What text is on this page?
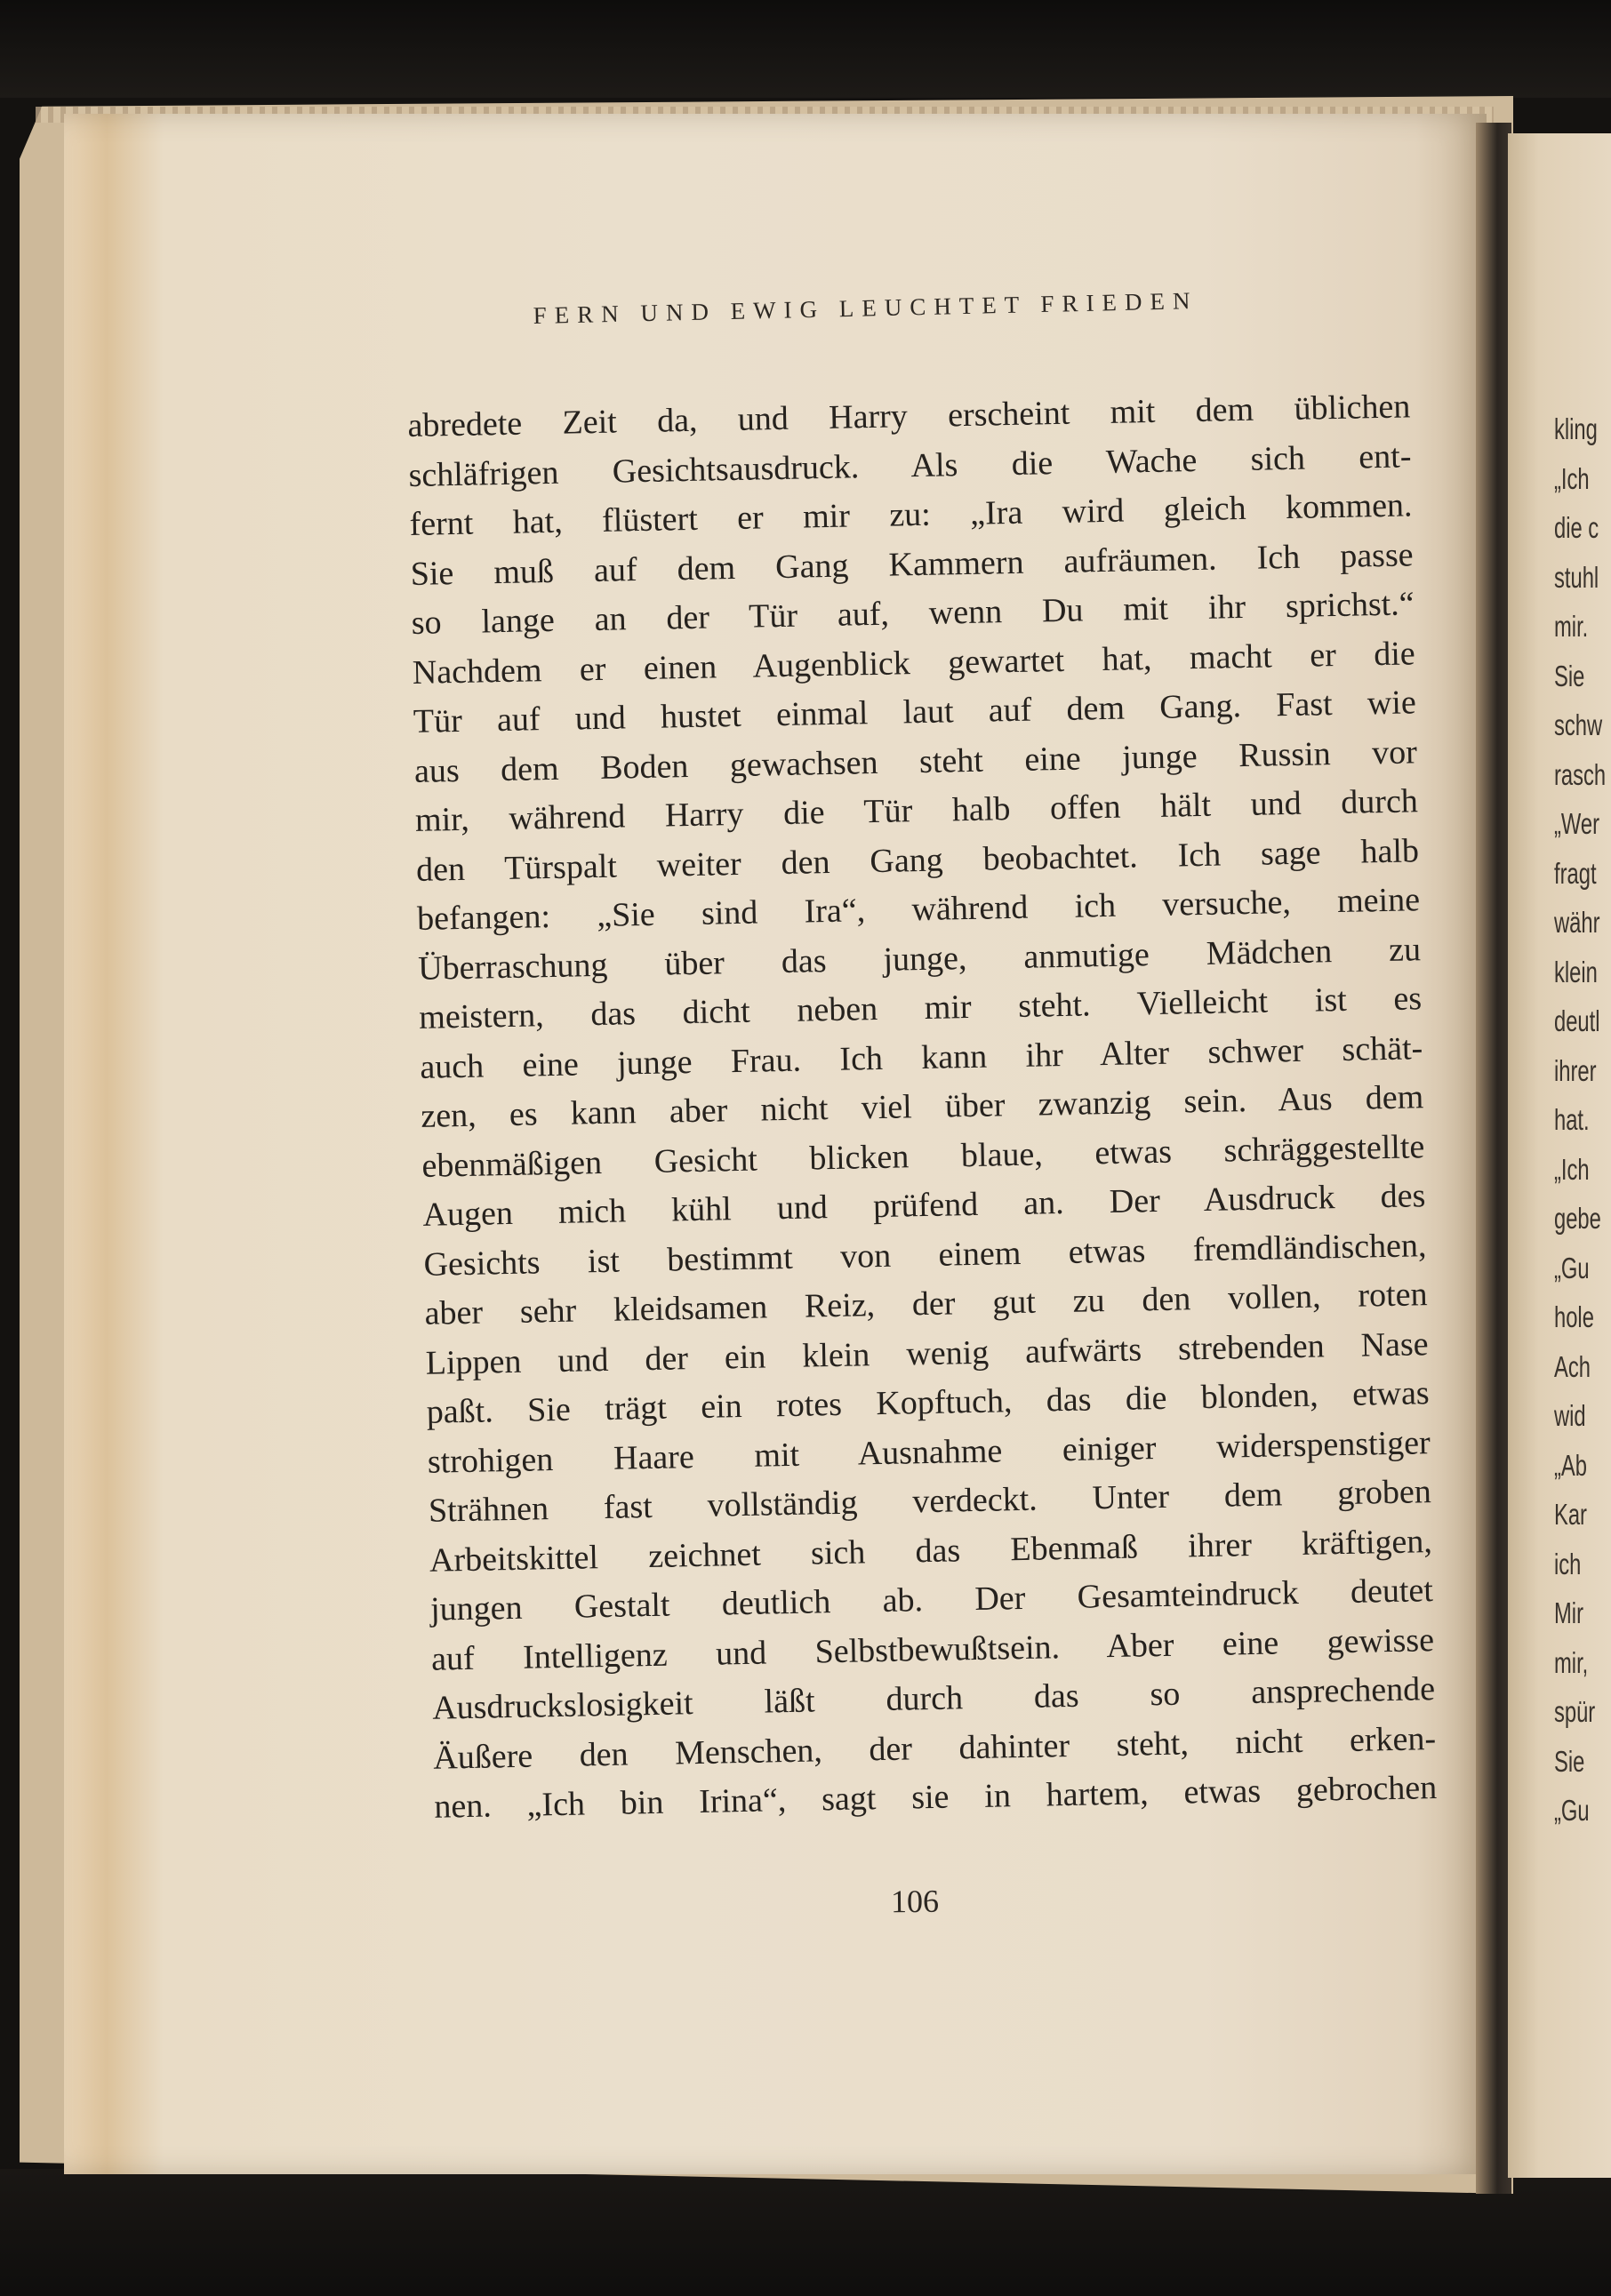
FERN UND EWIG LEUCHTET FRIEDEN
abredete Zeit da, und Harry erscheint mit dem üblichen
schläfrigen Gesichtsausdruck. Als die Wache sich ent-
fernt hat, flüstert er mir zu: „Ira wird gleich kommen.
Sie muß auf dem Gang Kammern aufräumen. Ich passe
so lange an der Tür auf, wenn Du mit ihr sprichst.“
Nachdem er einen Augenblick gewartet hat, macht er die
Tür auf und hustet einmal laut auf dem Gang. Fast wie
aus dem Boden gewachsen steht eine junge Russin vor
mir, während Harry die Tür halb offen hält und durch
den Türspalt weiter den Gang beobachtet. Ich sage halb
befangen: „Sie sind Ira“, während ich versuche, meine
Überraschung über das junge, anmutige Mädchen zu
meistern, das dicht neben mir steht. Vielleicht ist es
auch eine junge Frau. Ich kann ihr Alter schwer schät-
zen, es kann aber nicht viel über zwanzig sein. Aus dem
ebenmäßigen Gesicht blicken blaue, etwas schräggestellte
Augen mich kühl und prüfend an. Der Ausdruck des
Gesichts ist bestimmt von einem etwas fremdländischen,
aber sehr kleidsamen Reiz, der gut zu den vollen, roten
Lippen und der ein klein wenig aufwärts strebenden Nase
paßt. Sie trägt ein rotes Kopftuch, das die blonden, etwas
strohigen Haare mit Ausnahme einiger widerspenstiger
Strähnen fast vollständig verdeckt. Unter dem groben
Arbeitskittel zeichnet sich das Ebenmaß ihrer kräftigen,
jungen Gestalt deutlich ab. Der Gesamteindruck deutet
auf Intelligenz und Selbstbewußtsein. Aber eine gewisse
Ausdruckslosigkeit läßt durch das so ansprechende
Äußere den Menschen, der dahinter steht, nicht erken-
nen. „Ich bin Irina“, sagt sie in hartem, etwas gebrochen
106
kling
„Ich
die c
stuhl
mir.
Sie
schw
rasch
„Wer
fragt
währ
klein
deutl
ihrer
hat.
„Ich
gebe
„Gu
hole
Ach
wid
„Ab
Kar
ich
Mir
mir,
spür
Sie
„Gu
